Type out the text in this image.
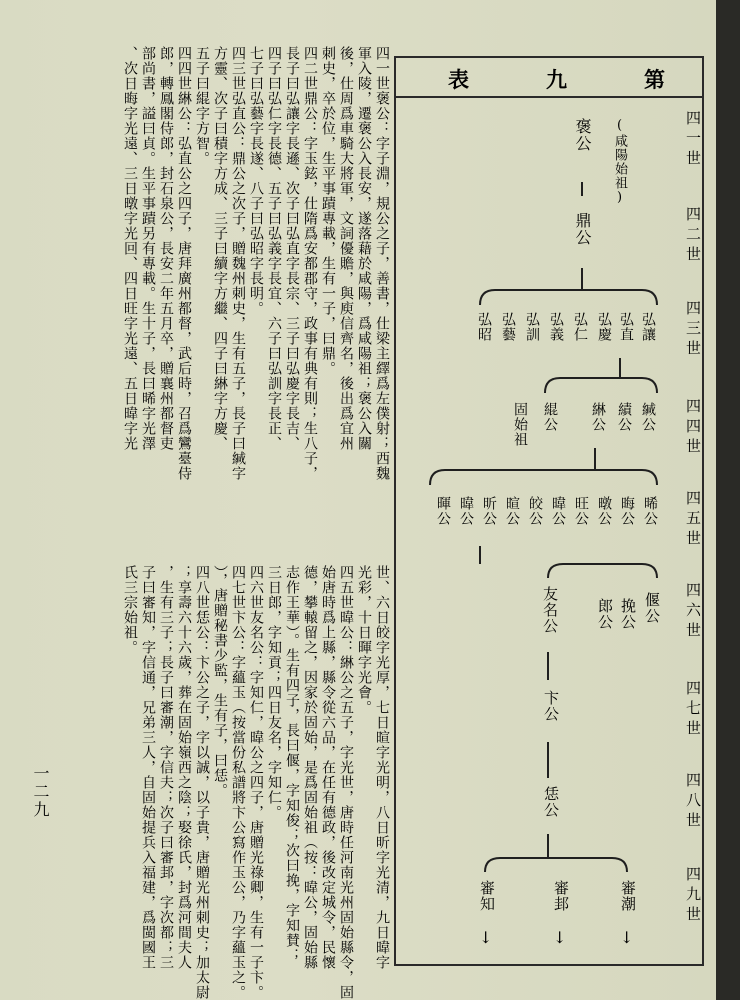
四一世褒公：字子淵，規公之子，善書，仕梁主繹爲左僕射；西魏
軍入陵，遷褒公入長安，遂落藉於咸陽，爲咸陽祖；褒公入關
後，仕周爲車騎大將軍，文詞優贍，與庾信齊名，後出爲宜州
刺史，卒於位，生平事蹟專載，生有一子，曰鼎。
四二世鼎公：字玉鉉，仕隋爲安都郡守，政事有典有則；生八子，
長子曰弘讓字長遜、次子曰弘直字長宗、三子曰弘慶字長吉、
四子曰弘仁字長德、五子曰弘義字長宜、六子曰弘訓字長正、
七子曰弘藝字長遂、八子曰弘昭字長明。
四三世弘直公：鼎公之次子，贈魏州刺史，生有五子，長子曰緘字
方靈、次子曰積字方成、三子曰續字方繼、四子曰綝字方慶、
五子曰緄字方智。
四四世綝公：弘直公之四子，唐拜廣州都督，武后時，召爲鸞臺侍
郎，轉鳳閣侍郎，封石泉公，長安二年五月卒，贈襄州都督吏
部尚書，謚曰貞。生平事蹟另有專載。生十子，長曰晞字光澤
、次日晦字光遠、三日暾字光回、四日旺字光遠、五日暐字光
世、六日皎字光厚，七日暄字光明，八日昕字光清，九日暐字
光彩，十日暉字光會。
四五世暐公：綝公之五子，字光世，唐時任河南光州固始縣令，固
始唐時爲上縣，縣令從六品，在任有德政，後改定城令，民懷
德，攀轅留之，因家於固始，是爲固始祖（按：暐公，固始縣
志作王華）。生有四子，長曰偃，字知俊；次曰挽，字知賛；
三日郎，字知貢；四日友名，字知仁。
四六世友名公：字知仁，暐公之四子，唐贈光祿卿，生有一子卞。
四七世卞公：字蘊玉（按當份私譜將卞公寫作玉公，乃字蘊玉之。
），唐贈秘書少監，生有子，曰恁。
四八世恁公：卞公之子，字以誠，以子貴，唐贈光州刺史；加太尉
；享壽六十六歲，葬在固始嶺西之陰；娶徐氏，封爲河間夫人
，生有三子；長子曰審潮，字信夫；次子曰審邽，字次都；三
子曰審知，字信通，兄弟三人，自固始提兵入福建，爲閩國王
氏三宗始祖。
一二九
表	九	第
四一世
四二世
四三世
四四世
四五世
四六世
四七世
四八世
四九世
(咸陽始祖)
褒公
鼎公
弘讓
弘直
弘慶
弘仁
弘義
弘訓
弘藝
弘昭
緘公
績公
綝公
緄公
固始祖
晞公
晦公
暾公
旺公
暐公
皎公
暄公
昕公
暐公
暉公
偃公
挽公
郎公
友名公
卞公
恁公
審潮
審邽
審知
↓
↓
↓
